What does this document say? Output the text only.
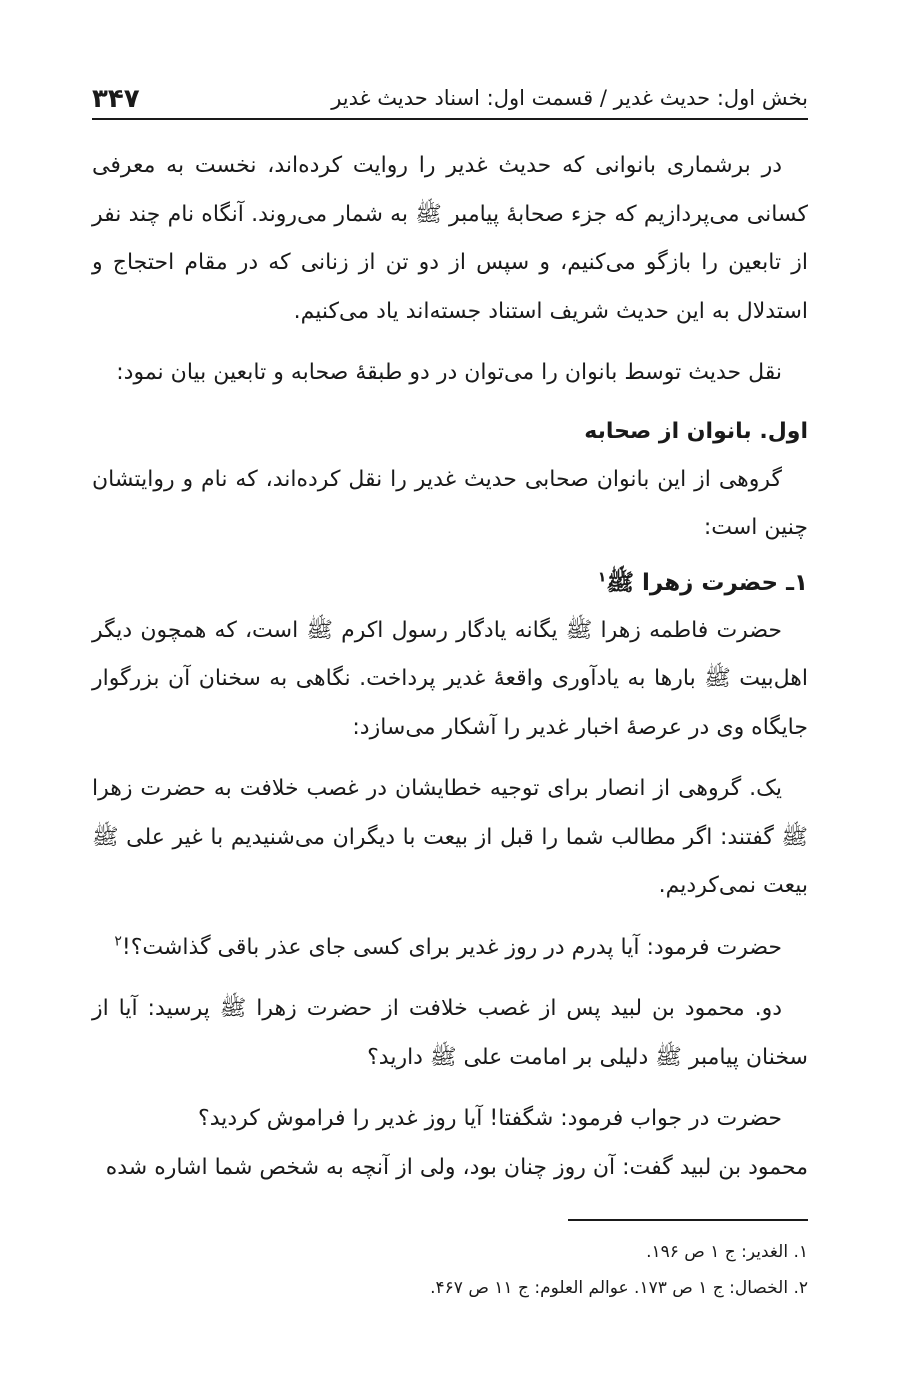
بخش اول: حدیث غدیر / قسمت اول: اسناد حدیث غدیر
۳۴۷

در برشماری بانوانی که حدیث غدیر را روایت کرده‌اند، نخست به معرفی کسانی می‌پردازیم که جزء صحابهٔ پیامبر ﷺ به شمار می‌روند. آنگاه نام چند نفر از تابعین را بازگو می‌کنیم، و سپس از دو تن از زنانی که در مقام احتجاج و استدلال به این حدیث شریف استناد جسته‌اند یاد می‌کنیم.

نقل حدیث توسط بانوان را می‌توان در دو طبقهٔ صحابه و تابعین بیان نمود:

اول. بانوان از صحابه

گروهی از این بانوان صحابی حدیث غدیر را نقل کرده‌اند، که نام و روایتشان چنین است:

۱ـ حضرت زهرا ﷺ$^۱$

حضرت فاطمه زهرا ﷺ یگانه یادگار رسول اکرم ﷺ است، که همچون دیگر اهل‌بیت ﷺ بارها به یادآوری واقعهٔ غدیر پرداخت. نگاهی به سخنان آن بزرگوار جایگاه وی در عرصهٔ اخبار غدیر را آشکار می‌سازد:

یک. گروهی از انصار برای توجیه خطایشان در غصب خلافت به حضرت زهرا ﷺ گفتند: اگر مطالب شما را قبل از بیعت با دیگران می‌شنیدیم با غیر علی ﷺ بیعت نمی‌کردیم.

حضرت فرمود: آیا پدرم در روز غدیر برای کسی جای عذر باقی گذاشت؟!$^۲$

دو. محمود بن لبید پس از غصب خلافت از حضرت زهرا ﷺ پرسید: آیا از سخنان پیامبر ﷺ دلیلی بر امامت علی ﷺ دارید؟

حضرت در جواب فرمود: شگفتا! آیا روز غدیر را فراموش کردید؟

محمود بن لبید گفت: آن روز چنان بود، ولی از آنچه به شخص شما اشاره شده

۱. الغدیر: ج ۱ ص ۱۹۶.

۲. الخصال: ج ۱ ص ۱۷۳. عوالم العلوم: ج ۱۱ ص ۴۶۷.
